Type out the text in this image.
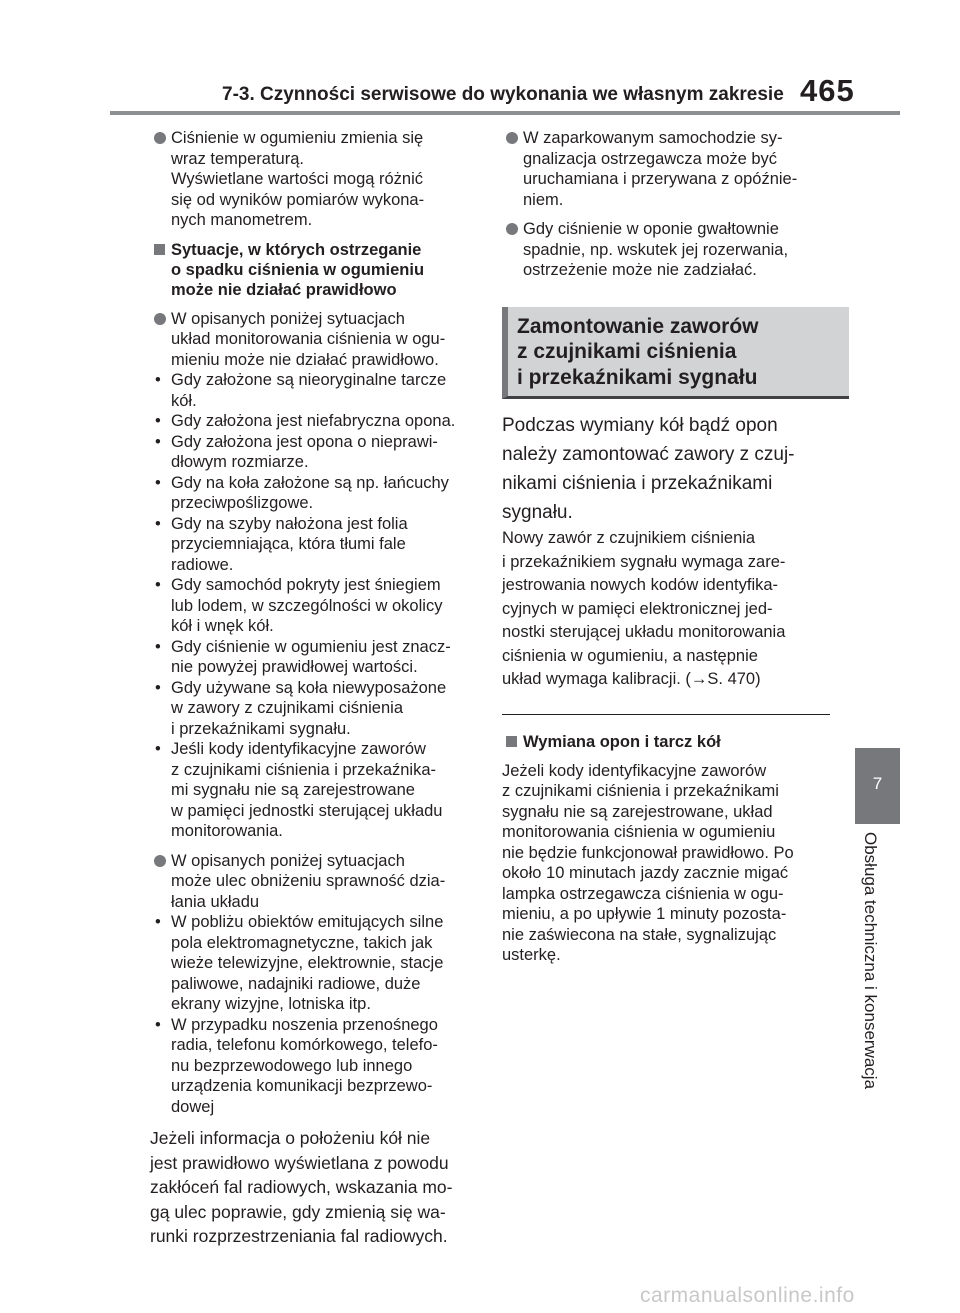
7-3. Czynności serwisowe do wykonania we własnym zakresie 465

Ciśnienie w ogumieniu zmienia się
wraz temperaturą.
Wyświetlane wartości mogą różnić
się od wyników pomiarów wykona-
nych manometrem.

Sytuacje, w których ostrzeganie
o spadku ciśnienia w ogumieniu
może nie działać prawidłowo

W opisanych poniżej sytuacjach
układ monitorowania ciśnienia w ogu-
mieniu może nie działać prawidłowo.

• Gdy założone są nieoryginalne tarcze
kół.
• Gdy założona jest niefabryczna opona.
• Gdy założona jest opona o nieprawi-
dłowym rozmiarze.
• Gdy na koła założone są np. łańcuchy
przeciwpoślizgowe.
• Gdy na szyby nałożona jest folia
przyciemniająca, która tłumi fale
radiowe.
• Gdy samochód pokryty jest śniegiem
lub lodem, w szczególności w okolicy
kół i wnęk kół.
• Gdy ciśnienie w ogumieniu jest znacz-
nie powyżej prawidłowej wartości.
• Gdy używane są koła niewyposażone
w zawory z czujnikami ciśnienia
i przekaźnikami sygnału.
• Jeśli kody identyfikacyjne zaworów
z czujnikami ciśnienia i przekaźnika-
mi sygnału nie są zarejestrowane
w pamięci jednostki sterującej układu
monitorowania.

W opisanych poniżej sytuacjach
może ulec obniżeniu sprawność dzia-
łania układu

• W pobliżu obiektów emitujących silne
pola elektromagnetyczne, takich jak
wieże telewizyjne, elektrownie, stacje
paliwowe, nadajniki radiowe, duże
ekrany wizyjne, lotniska itp.
• W przypadku noszenia przenośnego
radia, telefonu komórkowego, telefo-
nu bezprzewodowego lub innego
urządzenia komunikacji bezprzewo-
dowej

Jeżeli informacja o położeniu kół nie
jest prawidłowo wyświetlana z powodu
zakłóceń fal radiowych, wskazania mo-
gą ulec poprawie, gdy zmienią się wa-
runki rozprzestrzeniania fal radiowych.

W zaparkowanym samochodzie sy-
gnalizacja ostrzegawcza może być
uruchamiana i przerywana z opóźnie-
niem.

Gdy ciśnienie w oponie gwałtownie
spadnie, np. wskutek jej rozerwania,
ostrzeżenie może nie zadziałać.

Zamontowanie zaworów
z czujnikami ciśnienia
i przekaźnikami sygnału

Podczas wymiany kół bądź opon
należy zamontować zawory z czuj-
nikami ciśnienia i przekaźnikami
sygnału.

Nowy zawór z czujnikiem ciśnienia
i przekaźnikiem sygnału wymaga zare-
jestrowania nowych kodów identyfika-
cyjnych w pamięci elektronicznej jed-
nostki sterującej układu monitorowania
ciśnienia w ogumieniu, a następnie
układ wymaga kalibracji. (→S. 470)

Wymiana opon i tarcz kół

Jeżeli kody identyfikacyjne zaworów
z czujnikami ciśnienia i przekaźnikami
sygnału nie są zarejestrowane, układ
monitorowania ciśnienia w ogumieniu
nie będzie funkcjonował prawidłowo. Po
około 10 minutach jazdy zacznie migać
lampka ostrzegawcza ciśnienia w ogu-
mieniu, a po upływie 1 minuty pozosta-
nie zaświecona na stałe, sygnalizując
usterkę.

7
Obsługa techniczna i konserwacja
carmanualsonline.info
